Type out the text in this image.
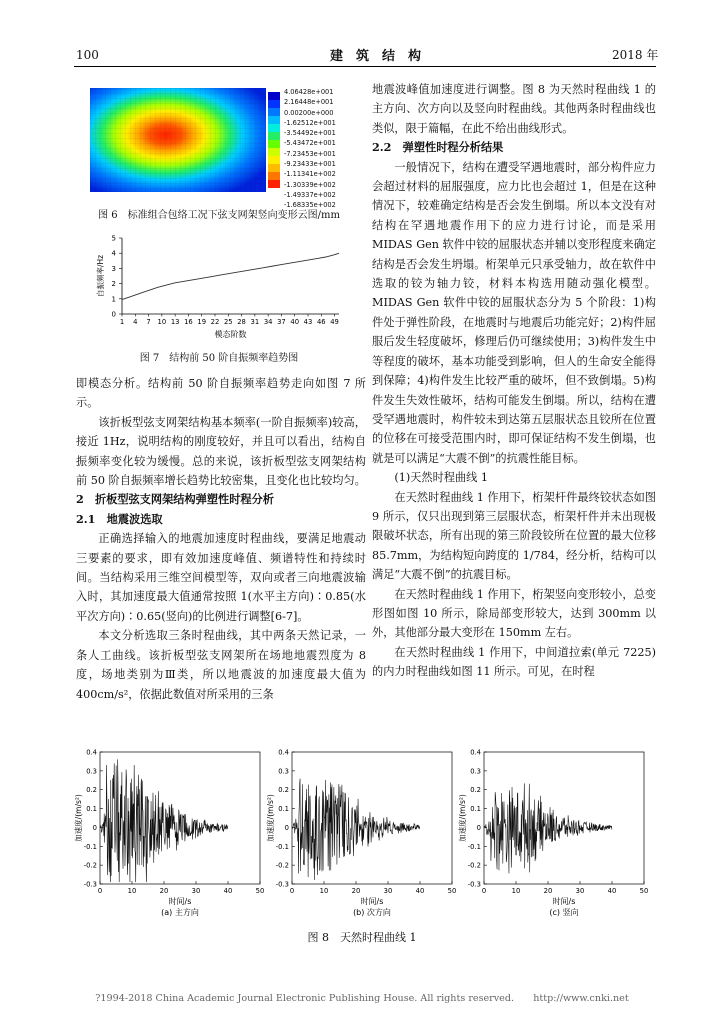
100	建　筑　结　构	2018 年
4.06428e+001
2.16448e+001
0.00200e+000
-1.62512e+001
-3.54492e+001
-5.43472e+001
-7.23453e+001
-9.23433e+001
-1.11341e+002
-1.30339e+002
-1.49337e+002
-1.68335e+002
图 6　标准组合包络工况下弦支网架竖向变形云图/mm
0
1
2
3
4
5
1 4 7 10 13 16 19 22 25 28 31 34 37 40 43 46 49
模态阶数
自振频率/Hz
图 7　结构前 50 阶自振频率趋势图

即模态分析。结构前 50 阶自振频率趋势走向如图 7 所示。

该折板型弦支网架结构基本频率(一阶自振频率)较高，接近 1Hz，说明结构的刚度较好，并且可以看出，结构自振频率变化较为缓慢。总的来说，该折板型弦支网架结构前 50 阶自振频率增长趋势比较密集，且变化也比较均匀。

2　折板型弦支网架结构弹塑性时程分析

2.1　地震波选取

正确选择输入的地震加速度时程曲线，要满足地震动三要素的要求，即有效加速度峰值、频谱特性和持续时间。当结构采用三维空间模型等，双向或者三向地震波输入时，其加速度最大值通常按照 1(水平主方向)∶0.85(水平次方向)∶0.65(竖向)的比例进行调整[6-7]。

本文分析选取三条时程曲线，其中两条天然记录，一条人工曲线。该折板型弦支网架所在场地地震烈度为 8 度，场地类别为Ⅲ类，所以地震波的加速度最大值为 400cm/s²，依据此数值对所采用的三条

地震波峰值加速度进行调整。图 8 为天然时程曲线 1 的主方向、次方向以及竖向时程曲线。其他两条时程曲线也类似，限于篇幅，在此不给出曲线形式。

2.2　弹塑性时程分析结果

一般情况下，结构在遭受罕遇地震时，部分构件应力会超过材料的屈服强度，应力比也会超过 1，但是在这种情况下，较难确定结构是否会发生倒塌。所以本文没有对结构在罕遇地震作用下的应力进行讨论，而是采用 MIDAS Gen 软件中铰的屈服状态并辅以变形程度来确定结构是否会发生坍塌。桁架单元只承受轴力，故在软件中选取的铰为轴力铰，材料本构选用随动强化模型。MIDAS Gen 软件中铰的屈服状态分为 5 个阶段：1)构件处于弹性阶段，在地震时与地震后功能完好；2)构件屈服后发生轻度破坏，修理后仍可继续使用；3)构件发生中等程度的破坏，基本功能受到影响，但人的生命安全能得到保障；4)构件发生比较严重的破坏，但不致倒塌。5)构件发生失效性破坏，结构可能发生倒塌。所以，结构在遭受罕遇地震时，构件较未到达第五层服状态且铰所在位置的位移在可接受范围内时，即可保证结构不发生倒塌，也就是可以满足“大震不倒”的抗震性能目标。

(1)天然时程曲线 1

在天然时程曲线 1 作用下，桁架杆件最终铰状态如图 9 所示，仅只出现到第三层服状态，桁架杆件并未出现极限破坏状态，所有出现的第三阶段铰所在位置的最大位移 85.7mm，为结构短向跨度的 1/784，经分析，结构可以满足“大震不倒”的抗震目标。

在天然时程曲线 1 作用下，桁架竖向变形较小，总变形图如图 10 所示，除局部变形较大，达到 300mm 以外，其他部分最大变形在 150mm 左右。

在天然时程曲线 1 作用下，中间道拉索(单元 7225)的内力时程曲线如图 11 所示。可见，在时程

0.4
0.3
0.2
0.1
0
-0.1
-0.2
-0.3
0	10	20	30	40	50
时间/s
(a) 主方向
加速度/(m/s²)
0.4
0.3
0.2
0.1
0
-0.1
-0.2
-0.3
0	10	20	30	40	50
时间/s
(b) 次方向
加速度/(m/s²)
0.4
0.3
0.2
0.1
0
-0.1
-0.2
-0.3
0	10	20	30	40	50
时间/s
(c) 竖向
加速度/(m/s²)
图 8　天然时程曲线 1
?1994-2018 China Academic Journal Electronic Publishing House. All rights reserved.　　http://www.cnki.net
